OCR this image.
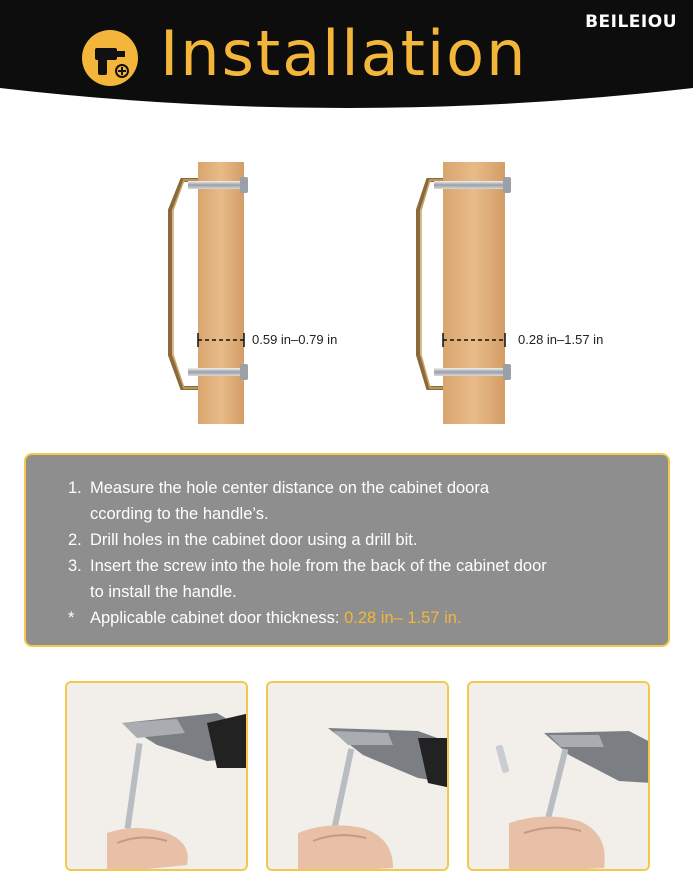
BEILEIOU
Installation
0.59 in–0.79 in	0.28 in–1.57 in
1. Measure the hole center distance on the cabinet doora
ccording to the handle’s.
2. Drill holes in the cabinet door using a drill bit.
3. Insert the screw into the hole from the back of the cabinet door
to install the handle.
* Applicable cabinet door thickness: 0.28 in– 1.57 in.
